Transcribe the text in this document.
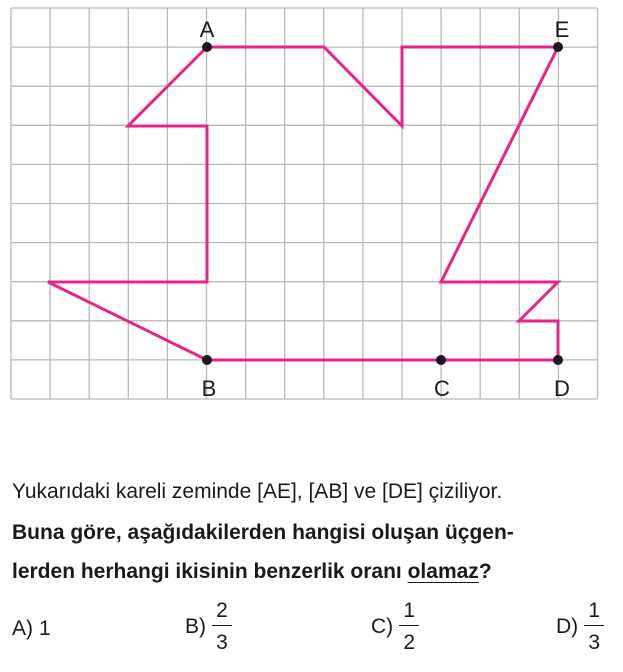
A	E
B	C	D
Yukarıdaki kareli zeminde [AE], [AB] ve [DE] çiziliyor.
Buna göre, aşağıdakilerden hangisi oluşan üçgen-
lerden herhangi ikisinin benzerlik oranı olamaz?
A) 1	$B) \frac{2}{3}$	$C) \frac{1}{2}$	$D) \frac{1}{3}$
